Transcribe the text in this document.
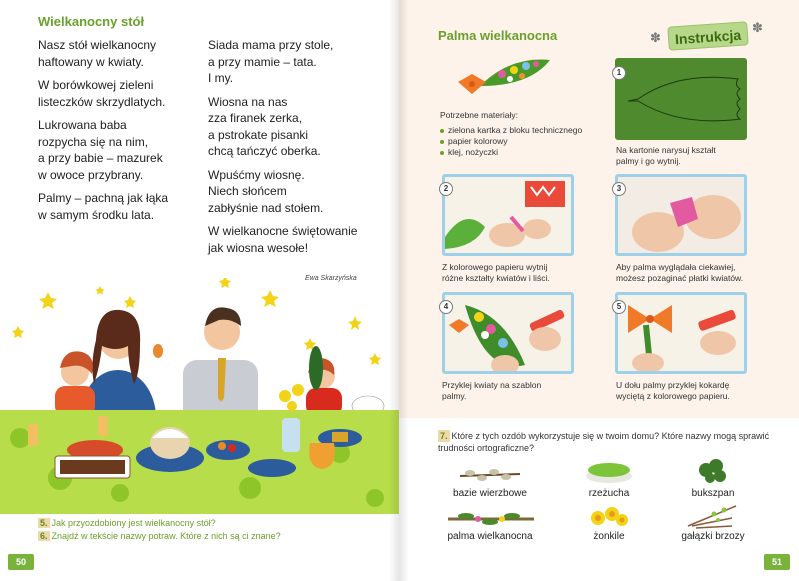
Wielkanocny stół

Nasz stół wielkanocny
haftowany w kwiaty.

W borówkowej zieleni
listeczków skrzydlatych.

Lukrowana baba
rozpycha się na nim,
a przy babie – mazurek
w owoce przybrany.

Palmy – pachną jak łąka
w samym środku lata.

Siada mama przy stole,
a przy mamie – tata.
I my.

Wiosna na nas
zza firanek zerka,
a pstrokate pisanki
chcą tańczyć oberka.

Wpuśćmy wiosnę.
Niech słońcem
zabłyśnie nad stołem.

W wielkanocne świętowanie
jak wiosna wesołe!

Ewa Skarżyńska
5. Jak przyozdobiony jest wielkanocny stół?
6. Znajdź w tekście nazwy potraw. Które z nich są ci znane?
50
Palma wielkanocna	✽ Instrukcja ✽
Potrzebne materiały:
zielona kartka z bloku technicznego
papier kolorowy
klej, nożyczki
1
Na kartonie narysuj kształt
palmy i go wytnij.
2
Z kolorowego papieru wytnij
różne kształty kwiatów i liści.
3
Aby palma wyglądała ciekawiej,
możesz pozaginać płatki kwiatów.
4
Przyklej kwiaty na szablon
palmy.
5
U dołu palmy przyklej kokardę
wyciętą z kolorowego papieru.
7. Które z tych ozdób wykorzystuje się w twoim domu? Które nazwy mogą sprawić trudności ortograficzne?
bazie wierzbowe	rzeżucha	bukszpan
palma wielkanocna	żonkile	gałązki brzozy
51
